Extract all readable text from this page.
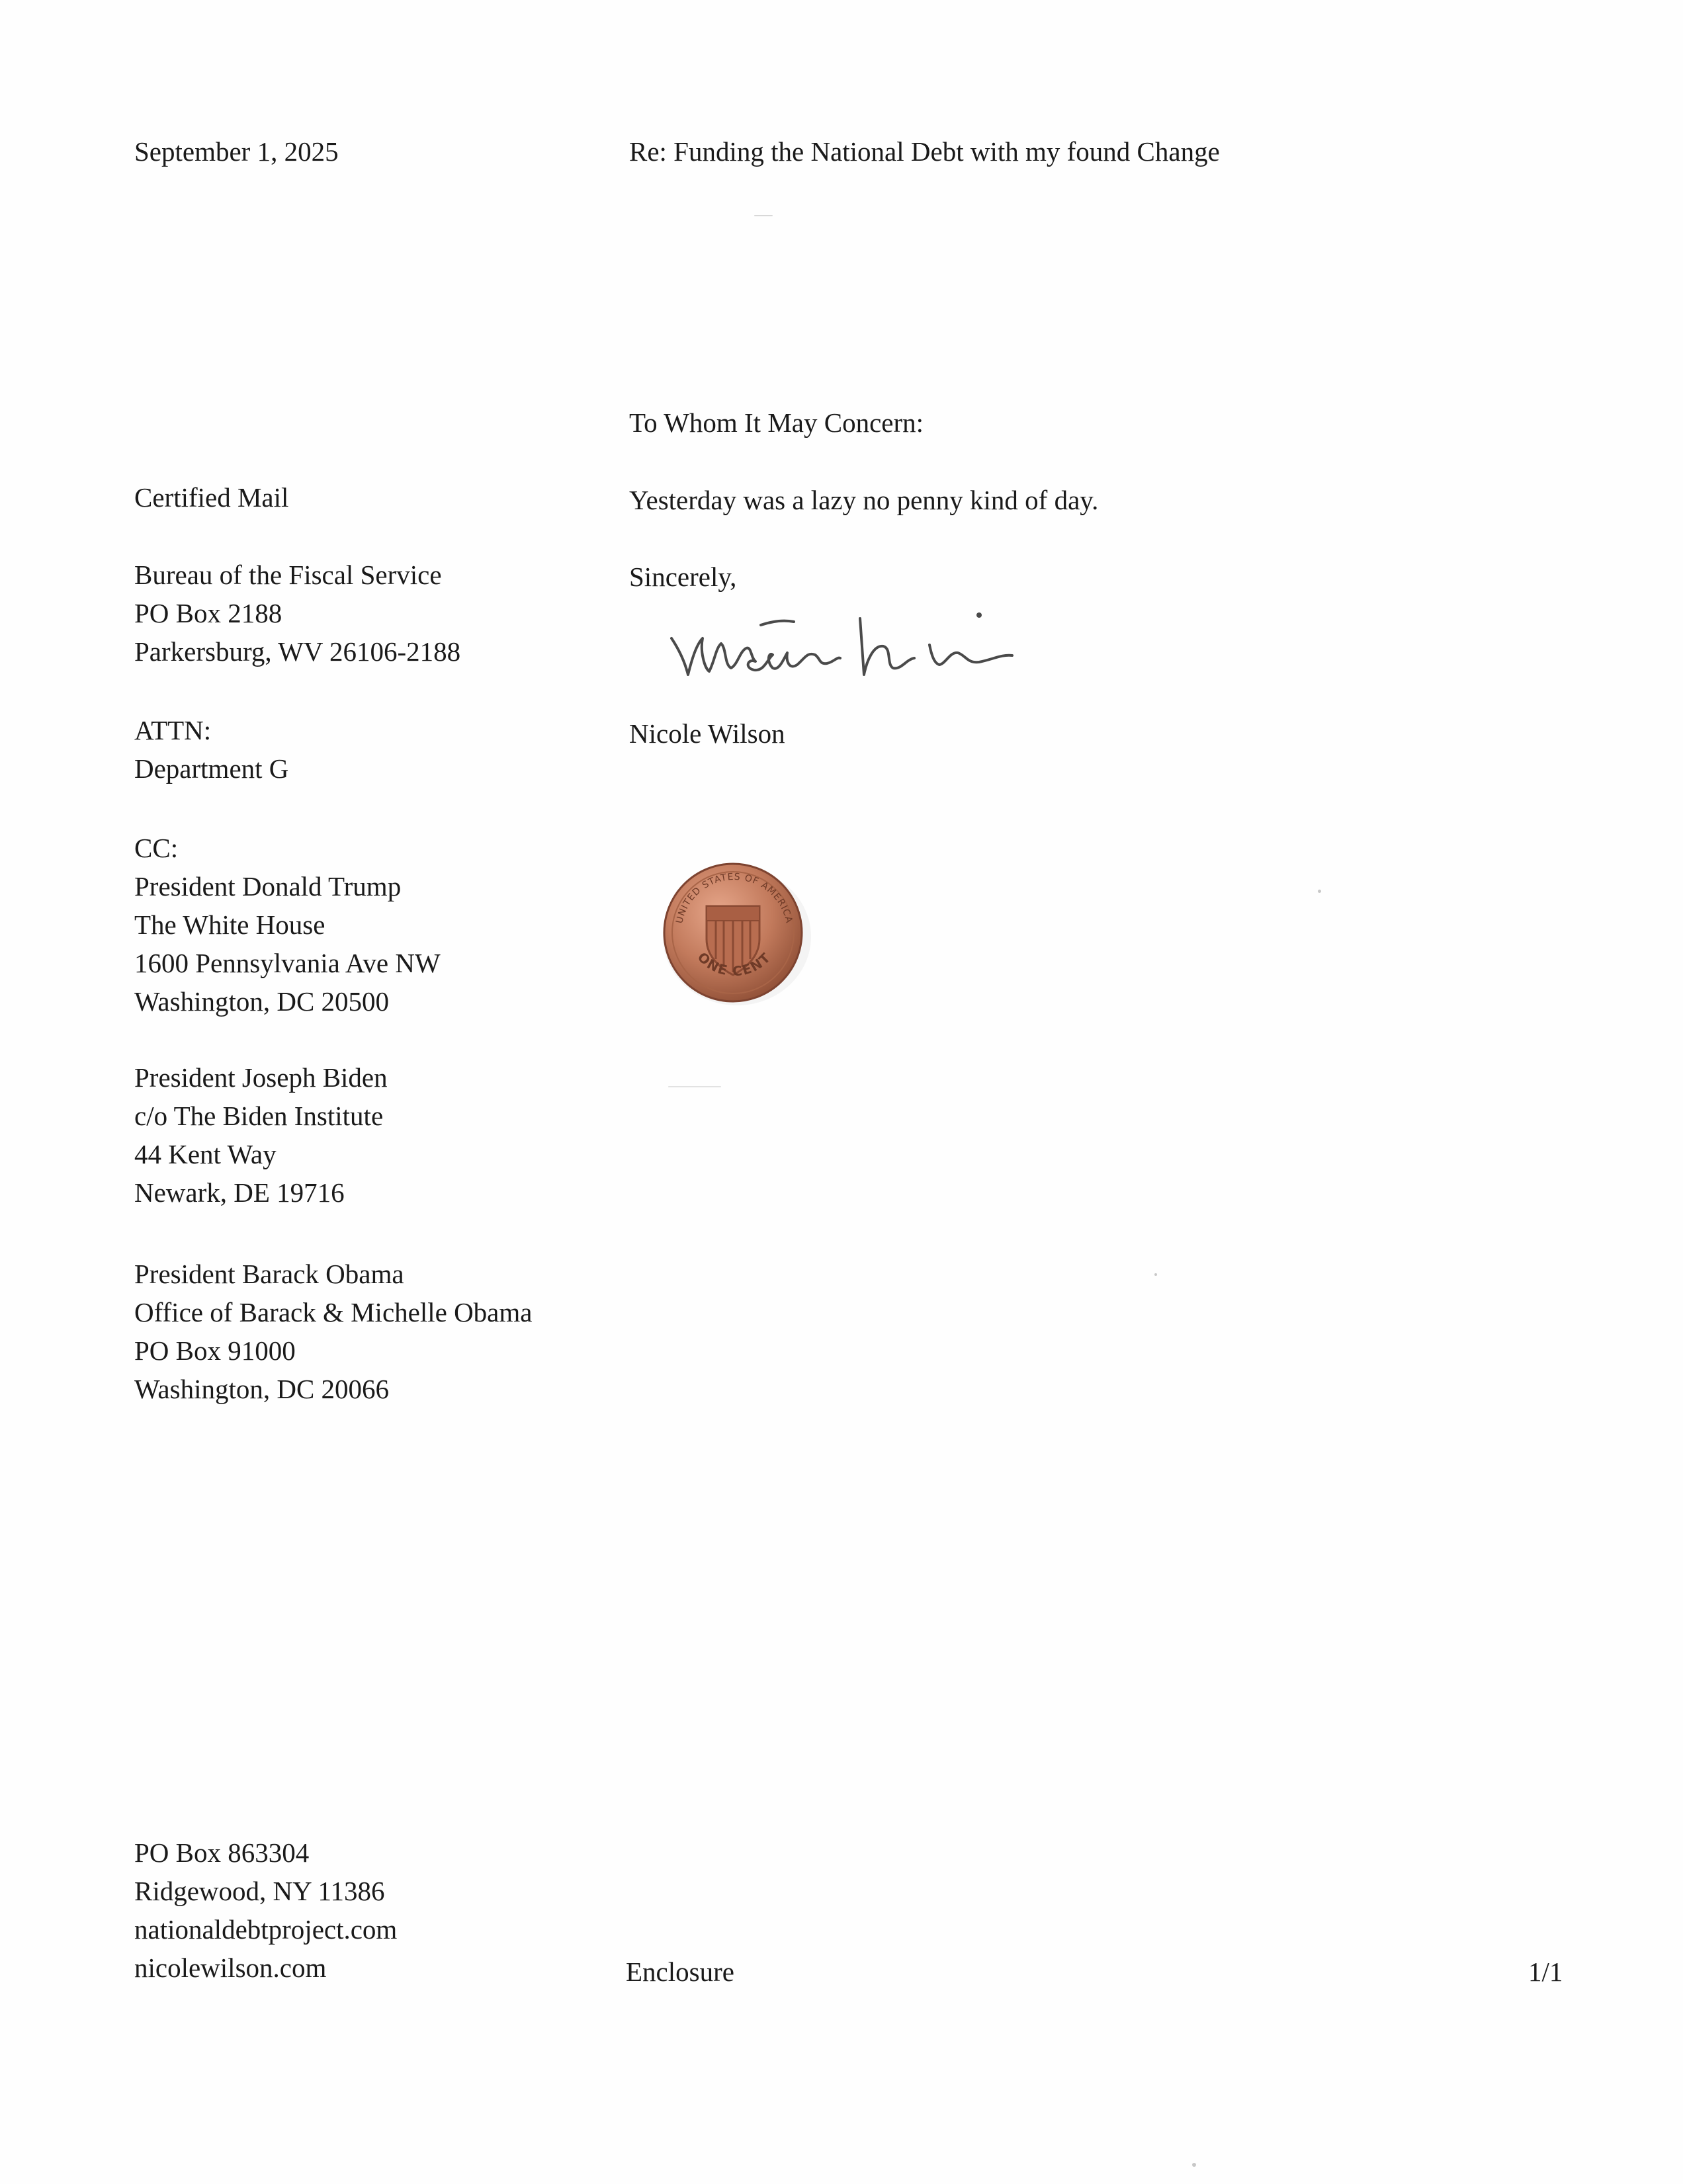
September 1, 2025	Re: Funding the National Debt with my found Change

To Whom It May Concern:

Yesterday was a lazy no penny kind of day.

Sincerely,

Nicole Wilson

Certified Mail

Bureau of the Fiscal Service
PO Box 2188
Parkersburg, WV 26106-2188

ATTN:
Department G

CC:
President Donald Trump
The White House
1600 Pennsylvania Ave NW
Washington, DC 20500

President Joseph Biden
c/o The Biden Institute
44 Kent Way
Newark, DE 19716

President Barack Obama
Office of Barack & Michelle Obama
PO Box 91000
Washington, DC 20066

UNITED STATES OF AMERICA
ONE CENT

PO Box 863304
Ridgewood, NY 11386
nationaldebtproject.com
nicolewilson.com	Enclosure	1/1
